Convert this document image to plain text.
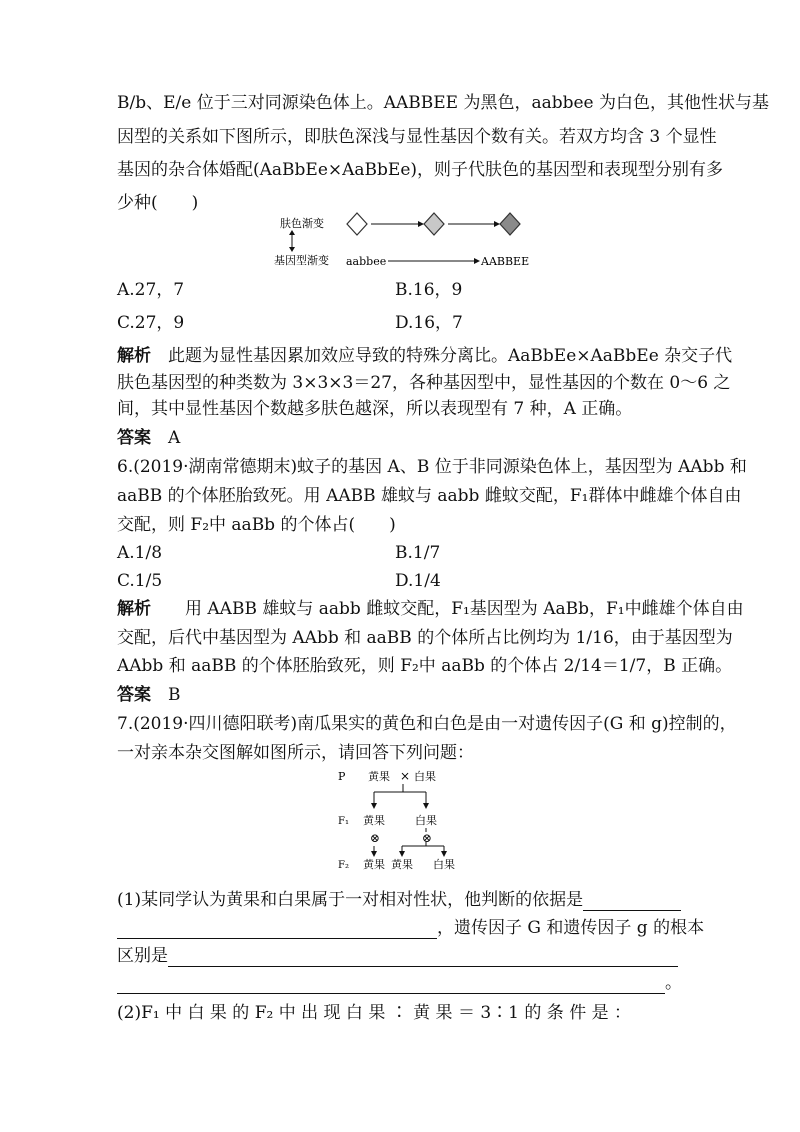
B/b、E/e 位于三对同源染色体上。AABBEE 为黑色，aabbee 为白色，其他性状与基
因型的关系如下图所示，即肤色深浅与显性基因个数有关。若双方均含 3 个显性
基因的杂合体婚配(AaBbEe×AaBbEe)，则子代肤色的基因型和表现型分别有多
少种(　　)
肤色渐变
基因型渐变 aabbee	AABBEE
A.27，7	B.16，9
C.27，9	D.16，7
解析　 此题为显性基因累加效应导致的特殊分离比。AaBbEe×AaBbEe 杂交子代
肤色基因型的种类数为 3×3×3＝27，各种基因型中，显性基因的个数在 0～6 之
间，其中显性基因个数越多肤色越深，所以表现型有 7 种，A 正确。
答案　 A
6.(2019·湖南常德期末)蚊子的基因 A、B 位于非同源染色体上，基因型为 AAbb 和
aaBB 的个体胚胎致死。用 AABB 雄蚊与 aabb 雌蚊交配，F₁群体中雌雄个体自由
交配，则 F₂中 aaBb 的个体占(　　)
A.1/8	B.1/7
C.1/5	D.1/4
解析　　 用 AABB 雄蚊与 aabb 雌蚊交配，F₁基因型为 AaBb，F₁中雌雄个体自由
交配，后代中基因型为 AAbb 和 aaBB 的个体所占比例均为 1/16，由于基因型为
AAbb 和 aaBB 的个体胚胎致死，则 F₂中 aaBb 的个体占 2/14＝1/7，B 正确。
答案　 B
7.(2019·四川德阳联考)南瓜果实的黄色和白色是由一对遗传因子(G 和 g)控制的，
一对亲本杂交图解如图所示，请回答下列问题：
P 黄果 × 白果
F₁ 黄果	白果
⊗	⊗
F₂ 黄果 黄果 白果
(1)某同学认为黄果和白果属于一对相对性状，他判断的依据是
，遗传因子 G 和遗传因子 g 的根本
区别是
。
(2)F₁ 中 白 果 的 F₂ 中 出 现 白 果 ∶ 黄 果 ＝ 3∶1 的 条 件 是 ：
